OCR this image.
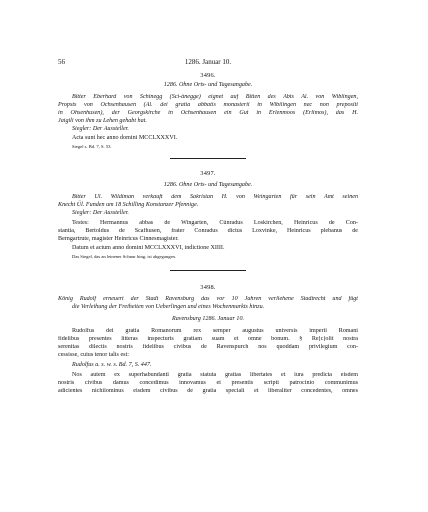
56	1286. Januar 10.
3496.
1286. Ohne Orts- und Tagesangabe.
Bitter Eberhard von Schinegg (Sci-ânegge) eignet auf Bitten des Abts Al. von Wiblingen,
Propsts von Ochsenhausen (Al. dei gratia abbatis monasterii in Wibilingen nec non prepositi
in Ohsenhusen), der Georgskirche in Ochsenhausen ein Gut in Erlenmoos (Erlimos), das H.
Jaigili von ihm zu Lehen gehabt hat.
Siegler: Der Aussteller.
Acta sunt hec anno domini MCCLXXXVI.
Siegel s. Bd. 7, S. 53.
3497.
1286. Ohne Orts- und Tagesangabe.
Bitter Ul. Wildiman verkauft dem Sakristan H. von Weingarten für sein Amt seinen
Knecht Ül. Funden um 18 Schilling Konstanzer Pfennige.
Siegler: Der Aussteller.
Testes: Hermannus abbas de Wingarten, Cûnradus Loskirchen, Heinricus de Con-
stantia, Bertoldus de Scafhusen, frater Conradus dictus Loxvinke, Heinricus plebanus de
Berngartrute, magister Heinricus Cinnesmagister.
Datum et actum anno domini MCCLXXXVI, indictione XIIII.
Das Siegel, das an leinener Schnur hing, ist abgegangen.
3498.
König Rudolf erneuert der Stadt Ravensburg das vor 10 Jahren verliehene Stadtrecht und fügt
die Verleihung der Freiheiten von Ueberlingen und eines Wochenmarkts hinzu.
Ravensburg 1286. Januar 10.
Rudolfus dei gratia Romanorum rex semper augustus universis imperii Romani
fidelibus presentes litteras inspecturis gratiam suam et omne bonum. § Re[c]olit nostra
serenitas dilectis nostris fidelibus civibus de Ravenspurch nos quoddam privilegium con-
cessisse, cuius tenor talis est:
Rudolfus a. s. w. s. Bd. 7, S. 447.
Nos autem ex superhabundanti gratia statuta gratias libertates et iura predicta eisdem
nostris civibus damus concedimus innovamus et presentis scripti patrocinio communimus
adicientes nichilominus eisdem civibus de gratia speciali et liberaliter concedentes, omnes
